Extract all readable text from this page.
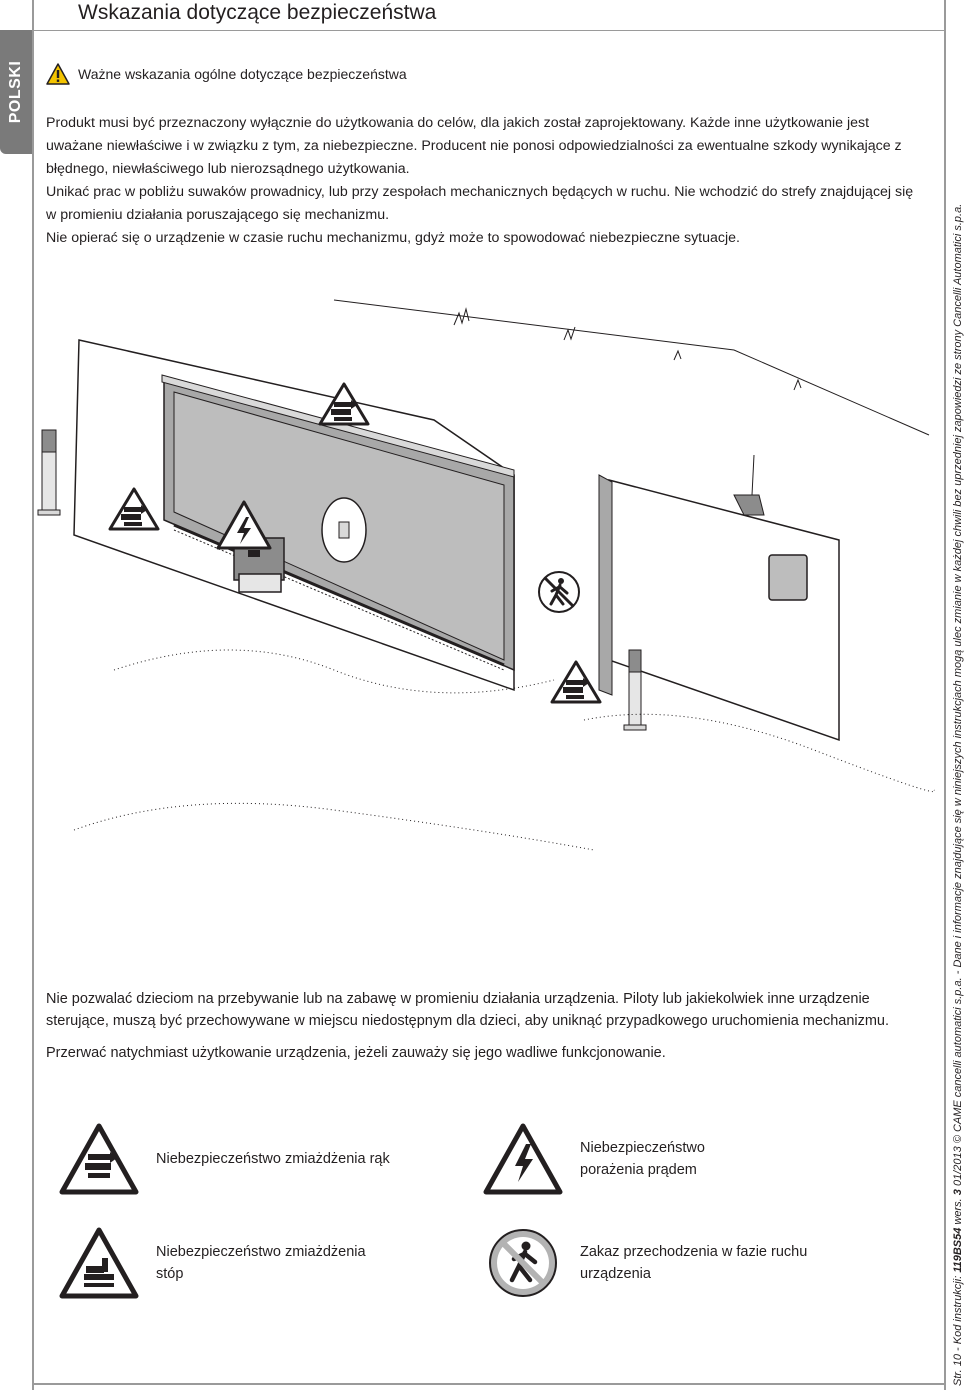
Wskazania dotyczące bezpieczeństwa
POLSKI	Ważne wskazania ogólne dotyczące bezpieczeństwa

Produkt musi być przeznaczony wyłącznie do użytkowania do celów, dla jakich został zaprojektowany. Każde inne użytkowanie jest uważane niewłaściwe i w związku z tym, za niebezpieczne. Producent nie ponosi odpowiedzialności za ewentualne szkody wynikające z błędnego, niewłaściwego lub nierozsądnego użytkowania.

Unikać prac w pobliżu suwaków prowadnicy, lub przy zespołach mechanicznych będących w ruchu. Nie wchodzić do strefy znajdującej się w promieniu działania poruszającego się mechanizmu.

Nie opierać się o urządzenie w czasie ruchu mechanizmu, gdyż może to spowodować niebezpieczne sytuacje.

Nie pozwalać dzieciom na przebywanie lub na zabawę w promieniu działania urządzenia. Piloty lub jakiekolwiek inne urządzenie sterujące, muszą być przechowywane w miejscu niedostępnym dla dzieci, aby uniknąć przypadkowego uruchomienia mechanizmu.

Przerwać natychmiast użytkowanie urządzenia, jeżeli zauważy się jego wadliwe funkcjonowanie.

Niebezpieczeństwo zmiażdżenia rąk
Niebezpieczeństwo porażenia prądem
Niebezpieczeństwo zmiażdżenia stóp
Zakaz przechodzenia w fazie ruchu urządzenia
Str. 10 - Kod instrukcji: 119BS54 wers. 3 01/2013 © CAME cancelli automatici s.p.a. - Dane i informacje znajdujące się w niniejszych instrukcjach mogą ulec zmianie w każdej chwili bez uprzedniej zapowiedzi ze strony Cancelli Automatici s.p.a.
